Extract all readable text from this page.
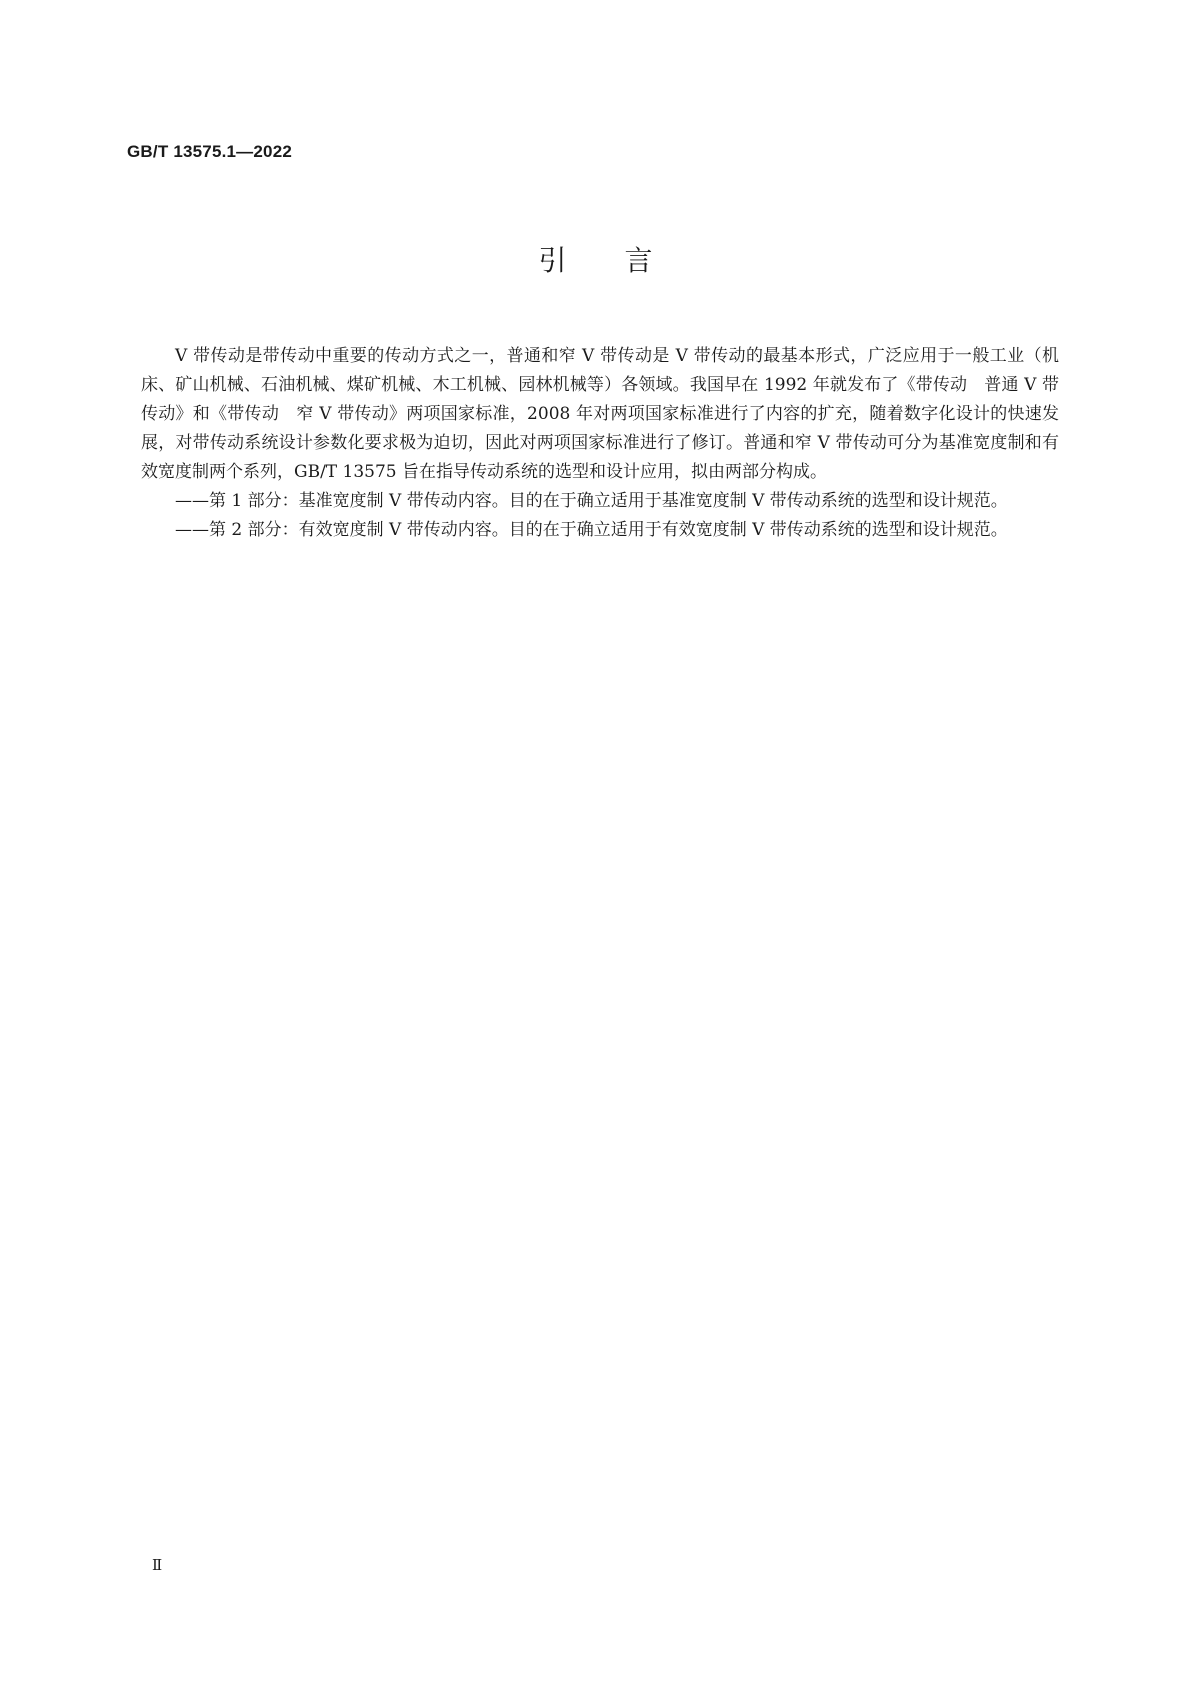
GB/T 13575.1—2022
引言

V 带传动是带传动中重要的传动方式之一，普通和窄 V 带传动是 V 带传动的最基本形式，广泛应用于一般工业（机床、矿山机械、石油机械、煤矿机械、木工机械、园林机械等）各领域。我国早在 1992 年就发布了《带传动　普通 V 带传动》和《带传动　窄 V 带传动》两项国家标准，2008 年对两项国家标准进行了内容的扩充，随着数字化设计的快速发展，对带传动系统设计参数化要求极为迫切，因此对两项国家标准进行了修订。普通和窄 V 带传动可分为基准宽度制和有效宽度制两个系列，GB/T 13575 旨在指导传动系统的选型和设计应用，拟由两部分构成。

——第 1 部分：基准宽度制 V 带传动内容。目的在于确立适用于基准宽度制 V 带传动系统的选型和设计规范。

——第 2 部分：有效宽度制 V 带传动内容。目的在于确立适用于有效宽度制 V 带传动系统的选型和设计规范。

Ⅱ
